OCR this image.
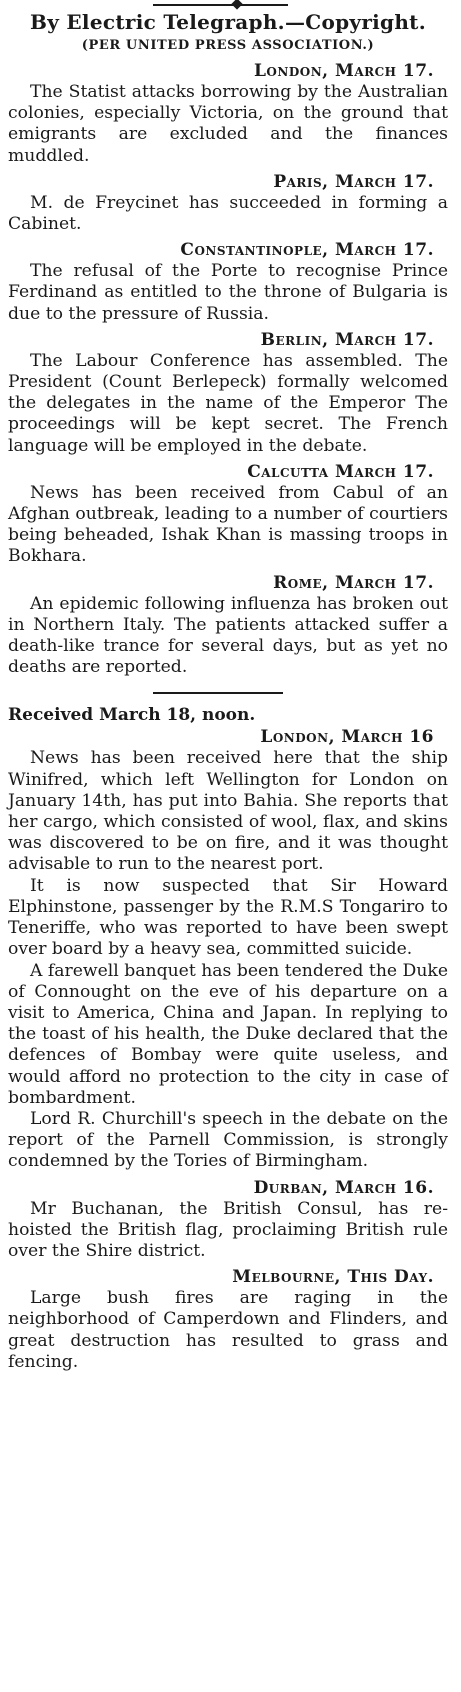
By Electric Telegraph.—Copyright.
(PER UNITED PRESS ASSOCIATION.)
London, March 17.

The Statist attacks borrowing by the Australian colonies, especially Victoria, on the ground that emigrants are excluded and the finances muddled.

Paris, March 17.

M. de Freycinet has succeeded in forming a Cabinet.

Constantinople, March 17.

The refusal of the Porte to recognise Prince Ferdinand as entitled to the throne of Bulgaria is due to the pressure of Russia.

Berlin, March 17.

The Labour Conference has assembled. The President (Count Berlepeck) formally welcomed the delegates in the name of the Emperor The proceedings will be kept secret. The French language will be employed in the debate.

Calcutta March 17.

News has been received from Cabul of an Afghan outbreak, leading to a number of courtiers being beheaded, Ishak Khan is massing troops in Bokhara.

Rome, March 17.

An epidemic following influenza has broken out in Northern Italy. The patients attacked suffer a death-like trance for several days, but as yet no deaths are reported.

Received March 18, noon.
London, March 16

News has been received here that the ship Winifred, which left Wellington for London on January 14th, has put into Bahia. She reports that her cargo, which consisted of wool, flax, and skins was discovered to be on fire, and it was thought advisable to run to the nearest port.

It is now suspected that Sir Howard Elphinstone, passenger by the R.M.S Tongariro to Teneriffe, who was reported to have been swept over board by a heavy sea, committed suicide.

A farewell banquet has been tendered the Duke of Connought on the eve of his departure on a visit to America, China and Japan. In replying to the toast of his health, the Duke declared that the defences of Bombay were quite useless, and would afford no protection to the city in case of bombardment.

Lord R. Churchill's speech in the debate on the report of the Parnell Commission, is strongly condemned by the Tories of Birmingham.

Durban, March 16.

Mr Buchanan, the British Consul, has re-hoisted the British flag, proclaiming British rule over the Shire district.

Melbourne, This Day.

Large bush fires are raging in the neighborhood of Camperdown and Flinders, and great destruction has resulted to grass and fencing.
